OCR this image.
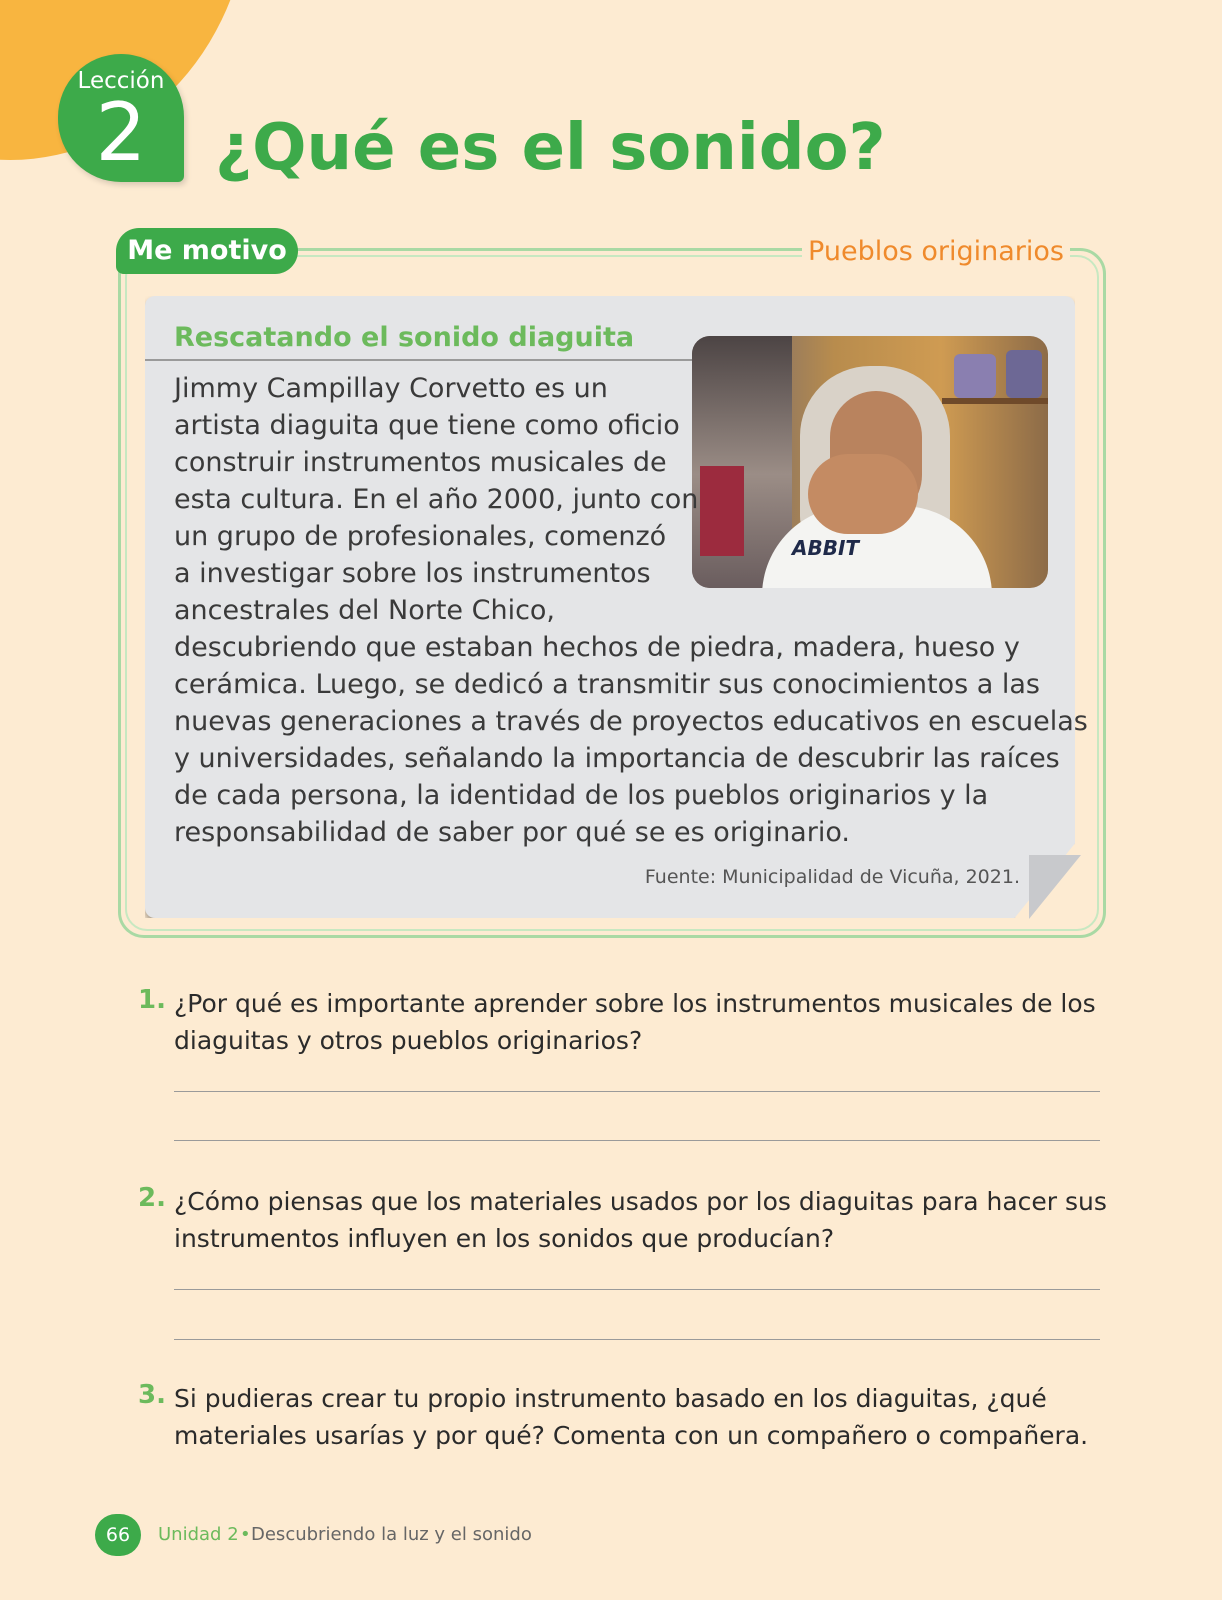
Lección
2	¿Qué es el sonido?
Me motivo	Pueblos originarios
Rescatando el sonido diaguita
ABBIT

Jimmy Campillay Corvetto es un
artista diaguita que tiene como oficio
construir instrumentos musicales de
esta cultura. En el año 2000, junto con
un grupo de profesionales, comenzó
a investigar sobre los instrumentos
ancestrales del Norte Chico,
descubriendo que estaban hechos de piedra, madera, hueso y
cerámica. Luego, se dedicó a transmitir sus conocimientos a las
nuevas generaciones a través de proyectos educativos en escuelas
y universidades, señalando la importancia de descubrir las raíces
de cada persona, la identidad de los pueblos originarios y la
responsabilidad de saber por qué se es originario.

Fuente: Municipalidad de Vicuña, 2021.
1. ¿Por qué es importante aprender sobre los instrumentos musicales de los
diaguitas y otros pueblos originarios?

2. ¿Cómo piensas que los materiales usados por los diaguitas para hacer sus
instrumentos influyen en los sonidos que producían?

3. Si pudieras crear tu propio instrumento basado en los diaguitas, ¿qué
materiales usarías y por qué? Comenta con un compañero o compañera.

66	Unidad 2 • Descubriendo la luz y el sonido
